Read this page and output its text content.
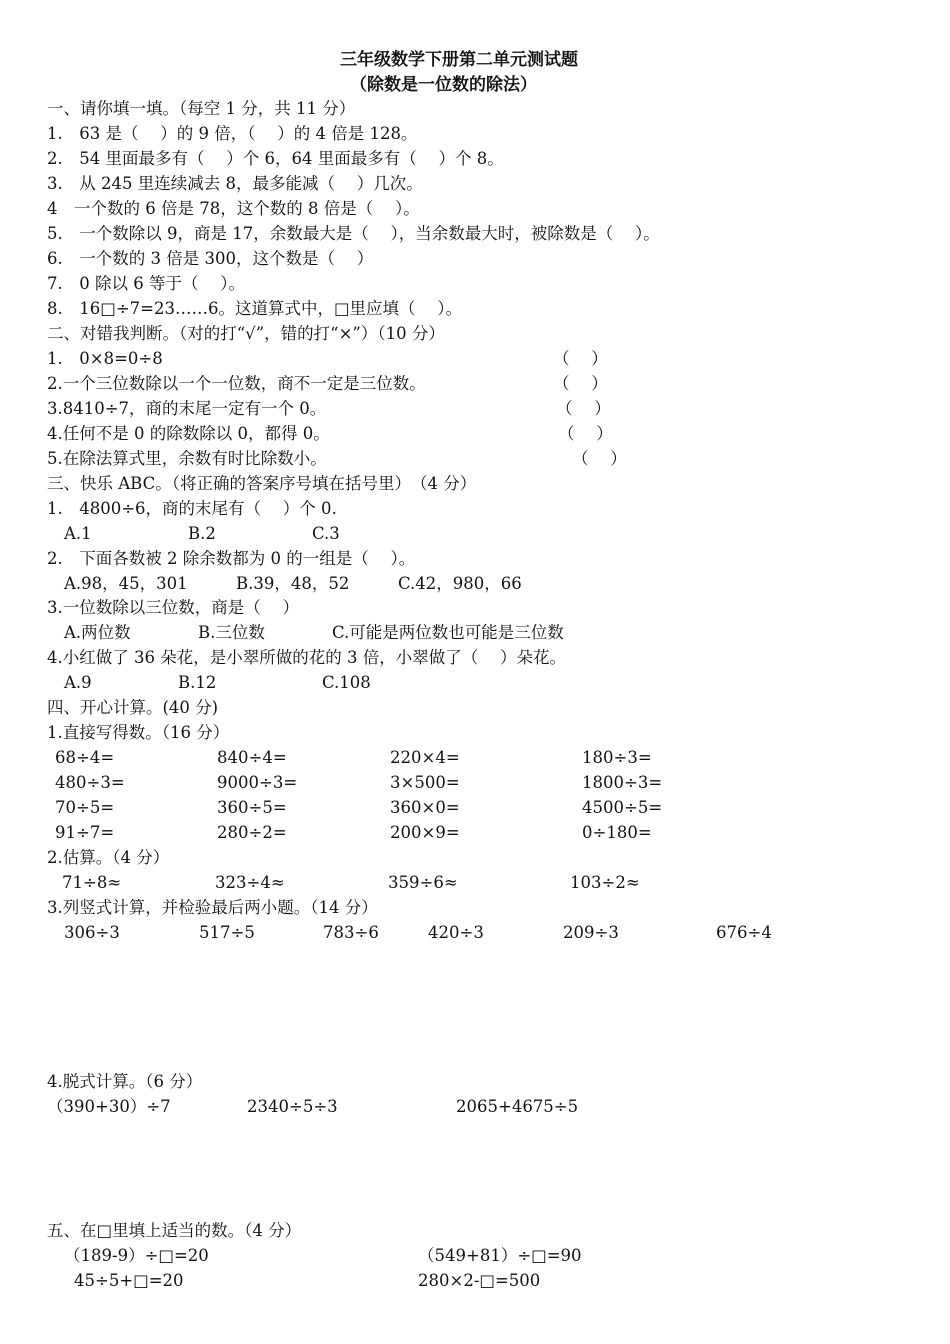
三年级数学下册第二单元测试题
（除数是一位数的除法）
一、请你填一填。（每空 1 分，共 11 分）
1.　63 是（　 ）的 9 倍，（　 ）的 4 倍是 128。
2.　54 里面最多有（　 ）个 6，64 里面最多有（　 ）个 8。
3.　从 245 里连续减去 8，最多能减（　 ）几次。
4　一个数的 6 倍是 78，这个数的 8 倍是（　 ）。
5.　一个数除以 9，商是 17，余数最大是（　 ），当余数最大时，被除数是（　 ）。
6.　一个数的 3 倍是 300，这个数是（　 ）
7.　0 除以 6 等于（　 ）。
8.　16□÷7=23……6。这道算式中，□里应填（　 ）。
二、对错我判断。（对的打“√”，错的打“×”）（10 分）
1.　0×8=0÷8	（　 ）
2.一个三位数除以一个一位数，商不一定是三位数。	（　 ）
3.8410÷7，商的末尾一定有一个 0。	（　 ）
4.任何不是 0 的除数除以 0，都得 0。	（　 ）
5.在除法算式里，余数有时比除数小。	（　 ）
三、快乐 ABC。（将正确的答案序号填在括号里）　（4 分）
1.　4800÷6，商的末尾有（　 ）个 0.
A.1	B.2	C.3
2.　下面各数被 2 除余数都为 0 的一组是（　 ）。
A.98，45，301	B.39，48，52	C.42，980，66
3.一位数除以三位数，商是（　 ）
A.两位数	B.三位数	C.可能是两位数也可能是三位数
4.小红做了 36 朵花，是小翠所做的花的 3 倍，小翠做了（　 ）朵花。
A.9	B.12	C.108
四、开心计算。(40 分)
1.直接写得数。（16 分）
68÷4=	840÷4=	220×4=	180÷3=
480÷3=	9000÷3=	3×500=	1800÷3=
70÷5=	360÷5=	360×0=	4500÷5=
91÷7=	280÷2=	200×9=	0÷180=
2.估算。（4 分）
71÷8≈	323÷4≈	359÷6≈	103÷2≈
3.列竖式计算，并检验最后两小题。（14 分）
306÷3	517÷5	783÷6	420÷3	209÷3	676÷4
4.脱式计算。（6 分）
（390+30）÷7	2340÷5÷3	2065+4675÷5
五、在□里填上适当的数。（4 分）
（189-9）÷□=20	（549+81）÷□=90
45÷5+□=20	280×2-□=500
